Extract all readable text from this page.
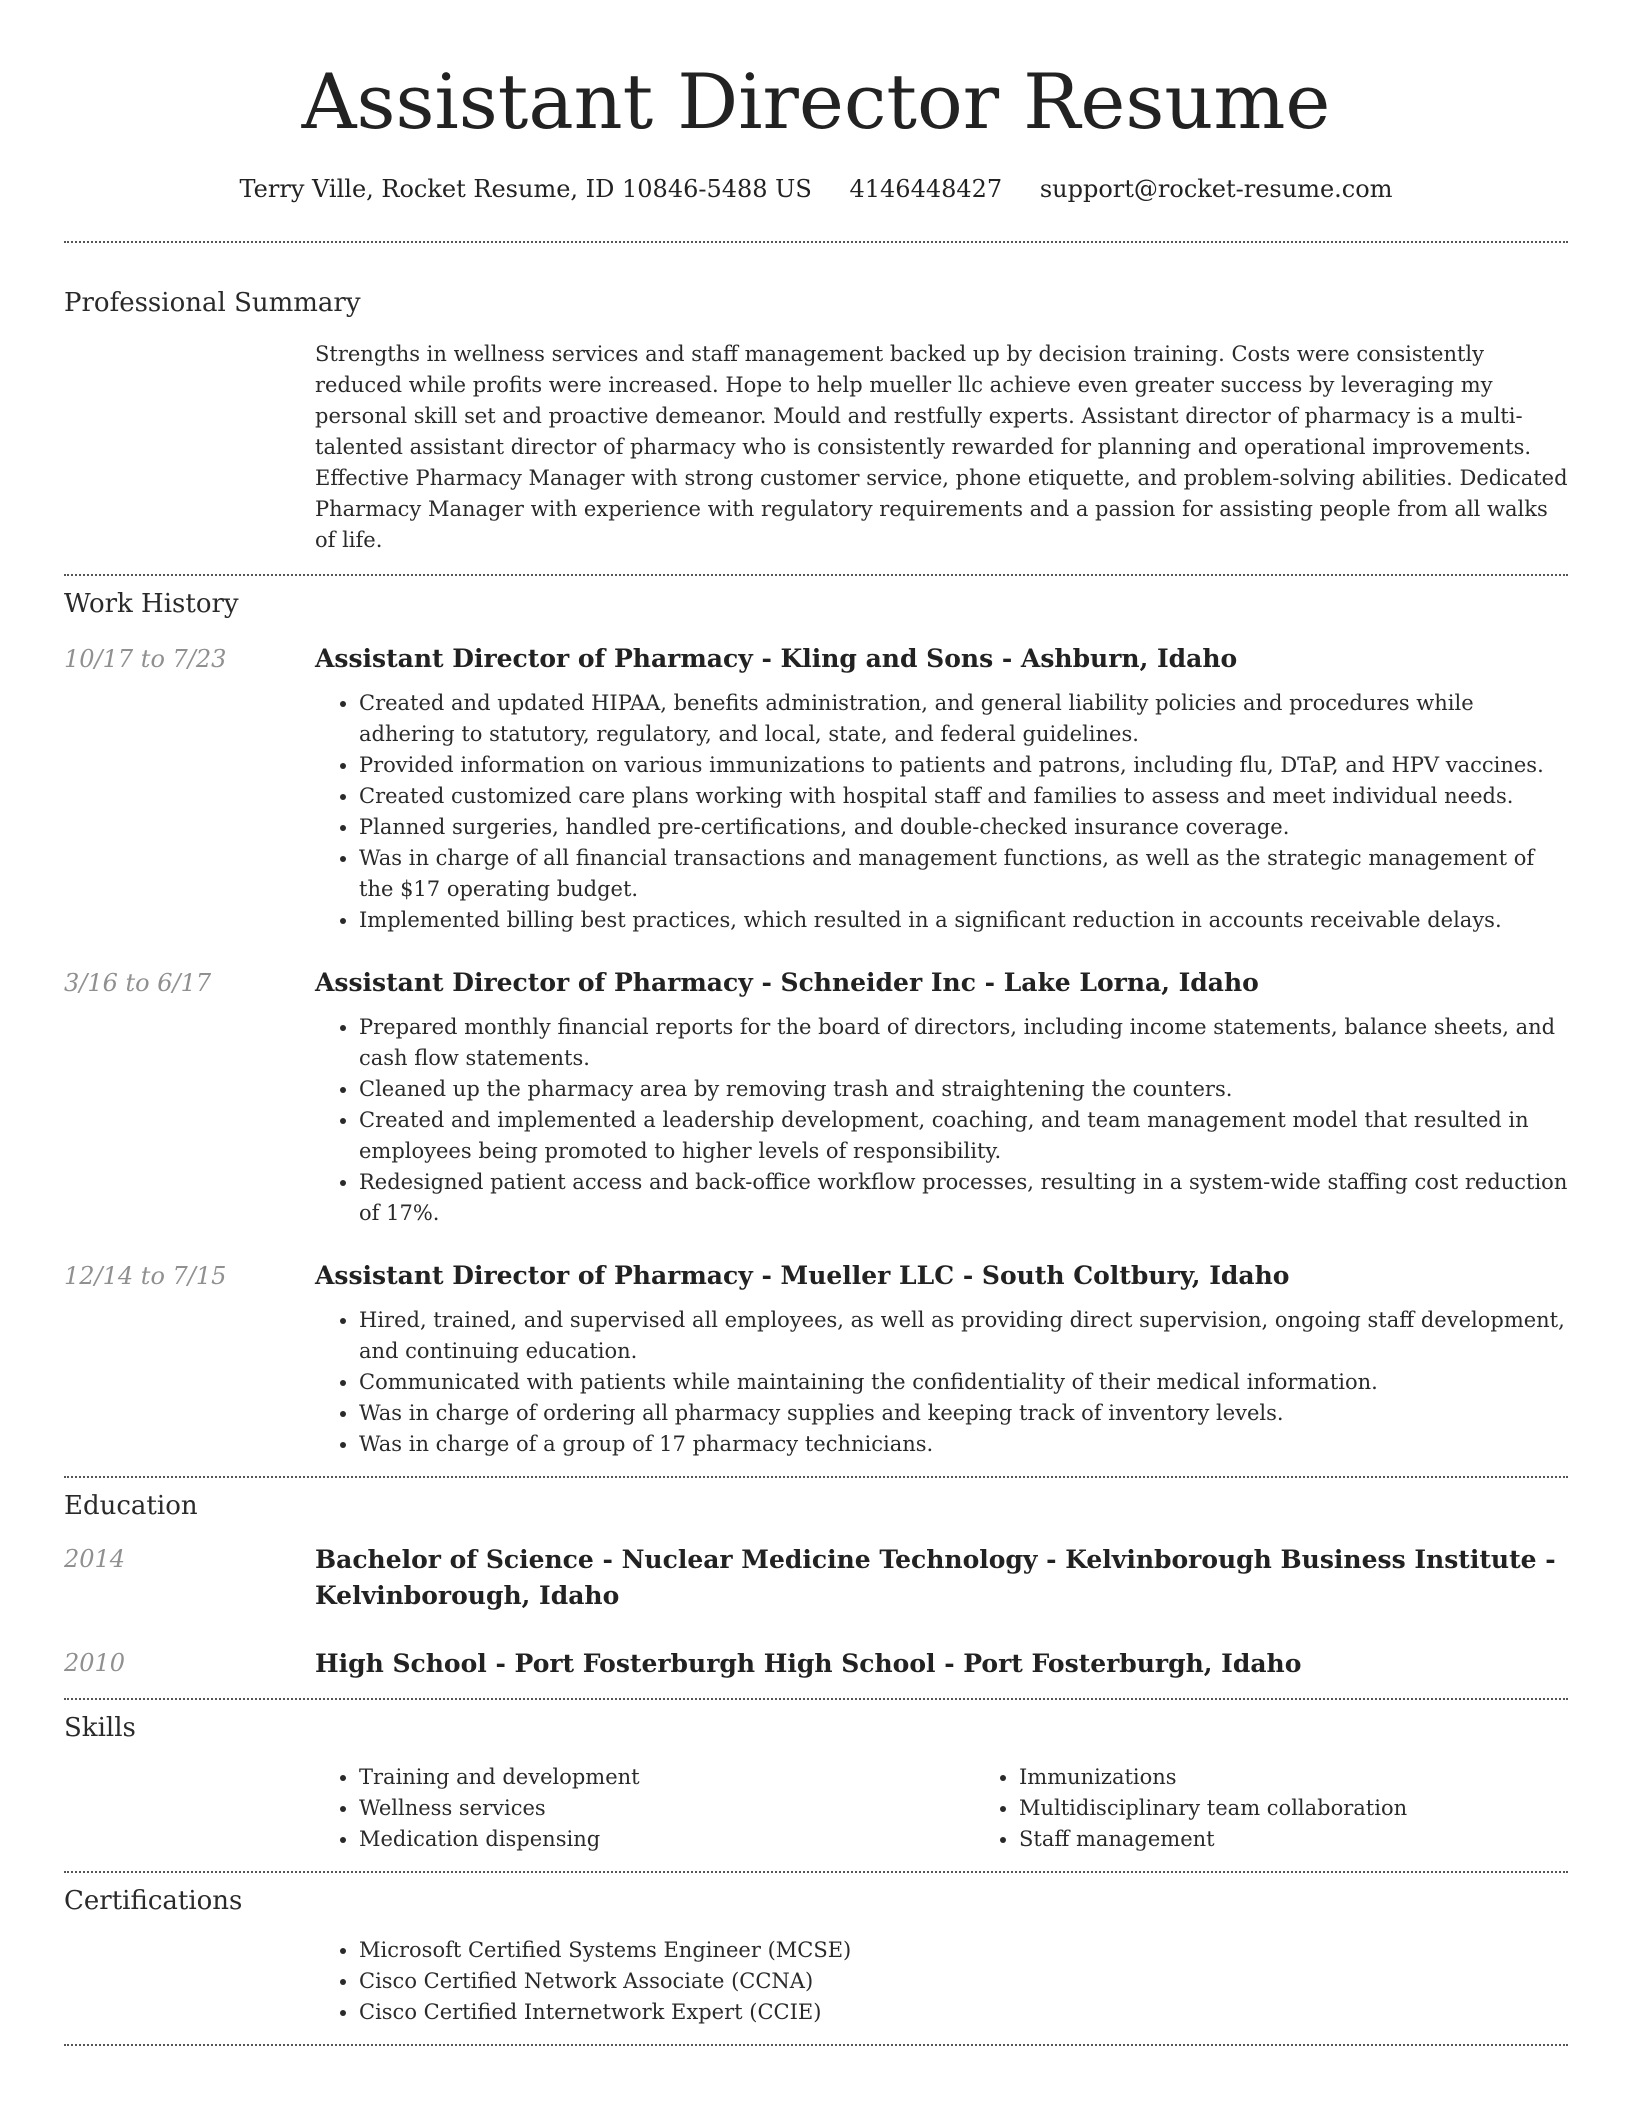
Assistant Director Resume
Terry Ville, Rocket Resume, ID 10846-5488 US 4146448427 support@rocket-resume.com
Professional Summary

Strengths in wellness services and staff management backed up by decision training. Costs were consistently reduced while profits were increased. Hope to help mueller llc achieve even greater success by leveraging my personal skill set and proactive demeanor. Mould and restfully experts. Assistant director of pharmacy is a multi-talented assistant director of pharmacy who is consistently rewarded for planning and operational improvements. Effective Pharmacy Manager with strong customer service, phone etiquette, and problem-solving abilities. Dedicated Pharmacy Manager with experience with regulatory requirements and a passion for assisting people from all walks of life.

Work History
10/17 to 7/23	Assistant Director of Pharmacy - Kling and Sons - Ashburn, Idaho
• Created and updated HIPAA, benefits administration, and general liability policies and procedures while adhering to statutory, regulatory, and local, state, and federal guidelines.
• Provided information on various immunizations to patients and patrons, including flu, DTaP, and HPV vaccines.
• Created customized care plans working with hospital staff and families to assess and meet individual needs.
• Planned surgeries, handled pre-certifications, and double-checked insurance coverage.
• Was in charge of all financial transactions and management functions, as well as the strategic management of the $17 operating budget.
• Implemented billing best practices, which resulted in a significant reduction in accounts receivable delays.
3/16 to 6/17	Assistant Director of Pharmacy - Schneider Inc - Lake Lorna, Idaho
• Prepared monthly financial reports for the board of directors, including income statements, balance sheets, and cash flow statements.
• Cleaned up the pharmacy area by removing trash and straightening the counters.
• Created and implemented a leadership development, coaching, and team management model that resulted in employees being promoted to higher levels of responsibility.
• Redesigned patient access and back-office workflow processes, resulting in a system-wide staffing cost reduction of 17%.
12/14 to 7/15	Assistant Director of Pharmacy - Mueller LLC - South Coltbury, Idaho
• Hired, trained, and supervised all employees, as well as providing direct supervision, ongoing staff development, and continuing education.
• Communicated with patients while maintaining the confidentiality of their medical information.
• Was in charge of ordering all pharmacy supplies and keeping track of inventory levels.
• Was in charge of a group of 17 pharmacy technicians.
Education
2014	Bachelor of Science - Nuclear Medicine Technology - Kelvinborough Business Institute - Kelvinborough, Idaho
2010	High School - Port Fosterburgh High School - Port Fosterburgh, Idaho
Skills
• Training and development
• Wellness services
• Medication dispensing
• Immunizations
• Multidisciplinary team collaboration
• Staff management
Certifications
• Microsoft Certified Systems Engineer (MCSE)
• Cisco Certified Network Associate (CCNA)
• Cisco Certified Internetwork Expert (CCIE)
